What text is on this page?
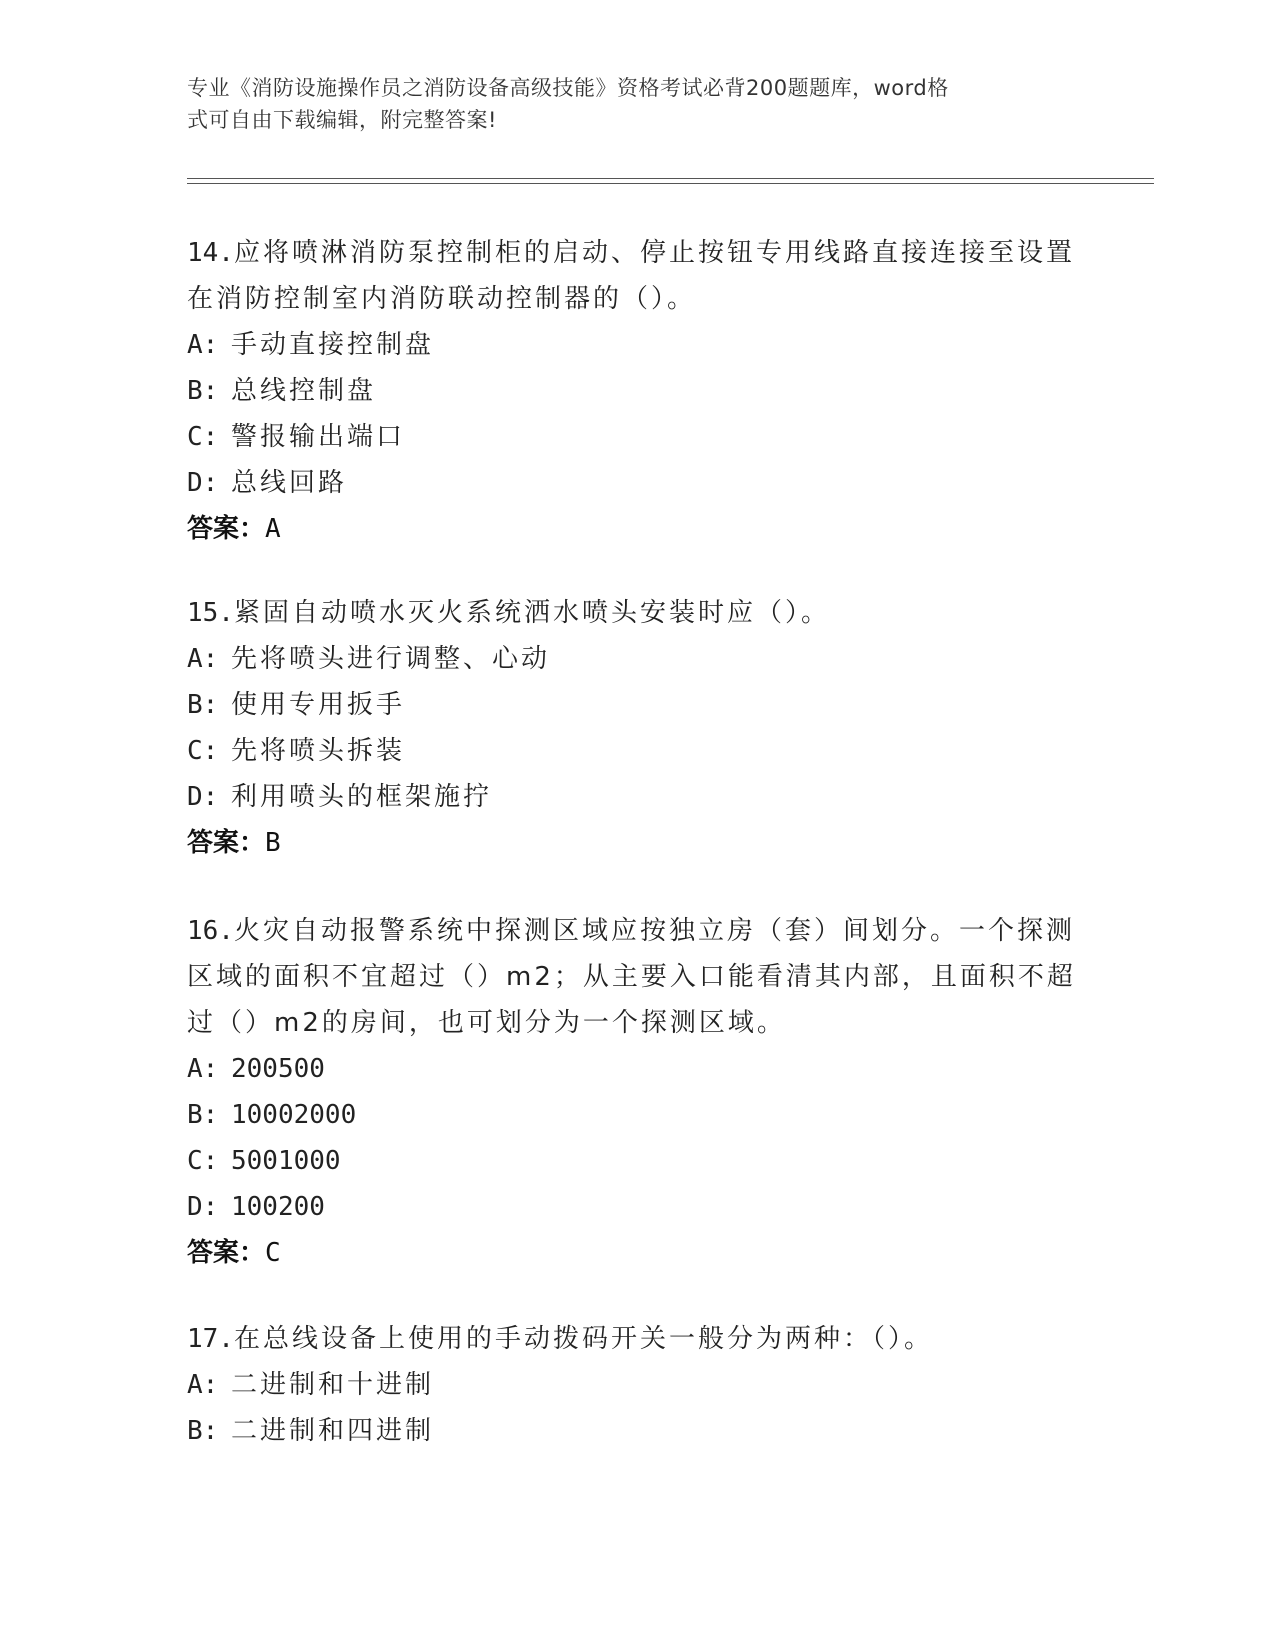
专业《消防设施操作员之消防设备高级技能》资格考试必背200题题库，word格
式可自由下载编辑，附完整答案!
14.应将喷淋消防泵控制柜的启动、停止按钮专用线路直接连接至设置
在消防控制室内消防联动控制器的（）。
A: 手动直接控制盘
B: 总线控制盘
C: 警报输出端口
D: 总线回路
答案：A
15.紧固自动喷水灭火系统洒水喷头安装时应（）。
A: 先将喷头进行调整、心动
B: 使用专用扳手
C: 先将喷头拆装
D: 利用喷头的框架施拧
答案：B
16.火灾自动报警系统中探测区域应按独立房（套）间划分。一个探测
区域的面积不宜超过（）m2；从主要入口能看清其内部，且面积不超
过（）m2的房间，也可划分为一个探测区域。
A: 200500
B: 10002000
C: 5001000
D: 100200
答案：C
17.在总线设备上使用的手动拨码开关一般分为两种：（）。
A: 二进制和十进制
B: 二进制和四进制
